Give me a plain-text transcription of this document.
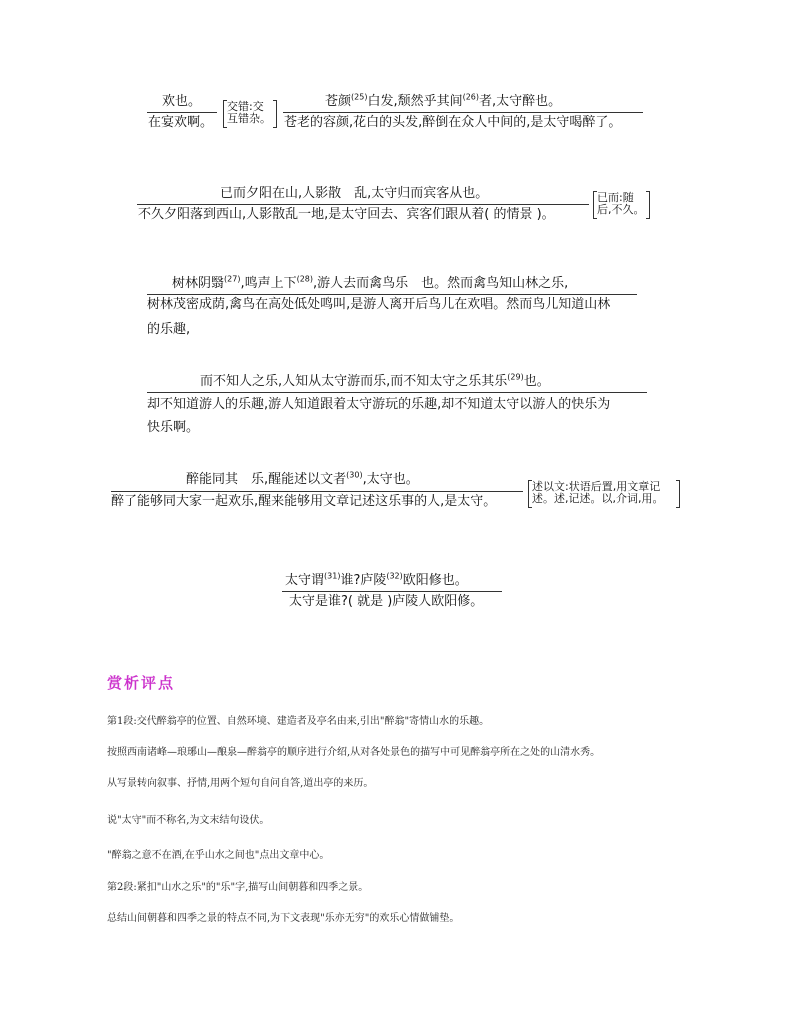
欢也。
在宴欢啊。
交错:交
互错杂。
苍颜$^{(25)}$白发,颓然乎其间$^{(26)}$者,太守醉也。
苍老的容颜,花白的头发,醉倒在众人中间的,是太守喝醉了。
已而夕阳在山,人影散　乱,太守归而宾客从也。
不久夕阳落到西山,人影散乱一地,是太守回去、宾客们跟从着( 的情景 )。
已而:随
后,不久。
树林阴翳$^{(27)}$,鸣声上下$^{(28)}$,游人去而禽鸟乐　也。然而禽鸟知山林之乐,
树林茂密成荫,禽鸟在高处低处鸣叫,是游人离开后鸟儿在欢唱。然而鸟儿知道山林
的乐趣,
而不知人之乐,人知从太守游而乐,而不知太守之乐其乐$^{(29)}$也。
却不知道游人的乐趣,游人知道跟着太守游玩的乐趣,却不知道太守以游人的快乐为
快乐啊。
醉能同其　乐,醒能述以文者$^{(30)}$,太守也。
醉了能够同大家一起欢乐,醒来能够用文章记述这乐事的人,是太守。
述以文:状语后置,用文章记
述。述,记述。以,介词,用。
太守谓$^{(31)}$谁?庐陵$^{(32)}$欧阳修也。
太守是谁?( 就是 )庐陵人欧阳修。
赏析评点
第1段:交代醉翁亭的位置、自然环境、建造者及亭名由来,引出"醉翁"寄情山水的乐趣。
按照西南诸峰—琅琊山—酿泉—醉翁亭的顺序进行介绍,从对各处景色的描写中可见醉翁亭所在之处的山清水秀。
从写景转向叙事、抒情,用两个短句自问自答,道出亭的来历。
说"太守"而不称名,为文末结句设伏。
"醉翁之意不在酒,在乎山水之间也"点出文章中心。
第2段:紧扣"山水之乐"的"乐"字,描写山间朝暮和四季之景。
总结山间朝暮和四季之景的特点不同,为下文表现"乐亦无穷"的欢乐心情做铺垫。
